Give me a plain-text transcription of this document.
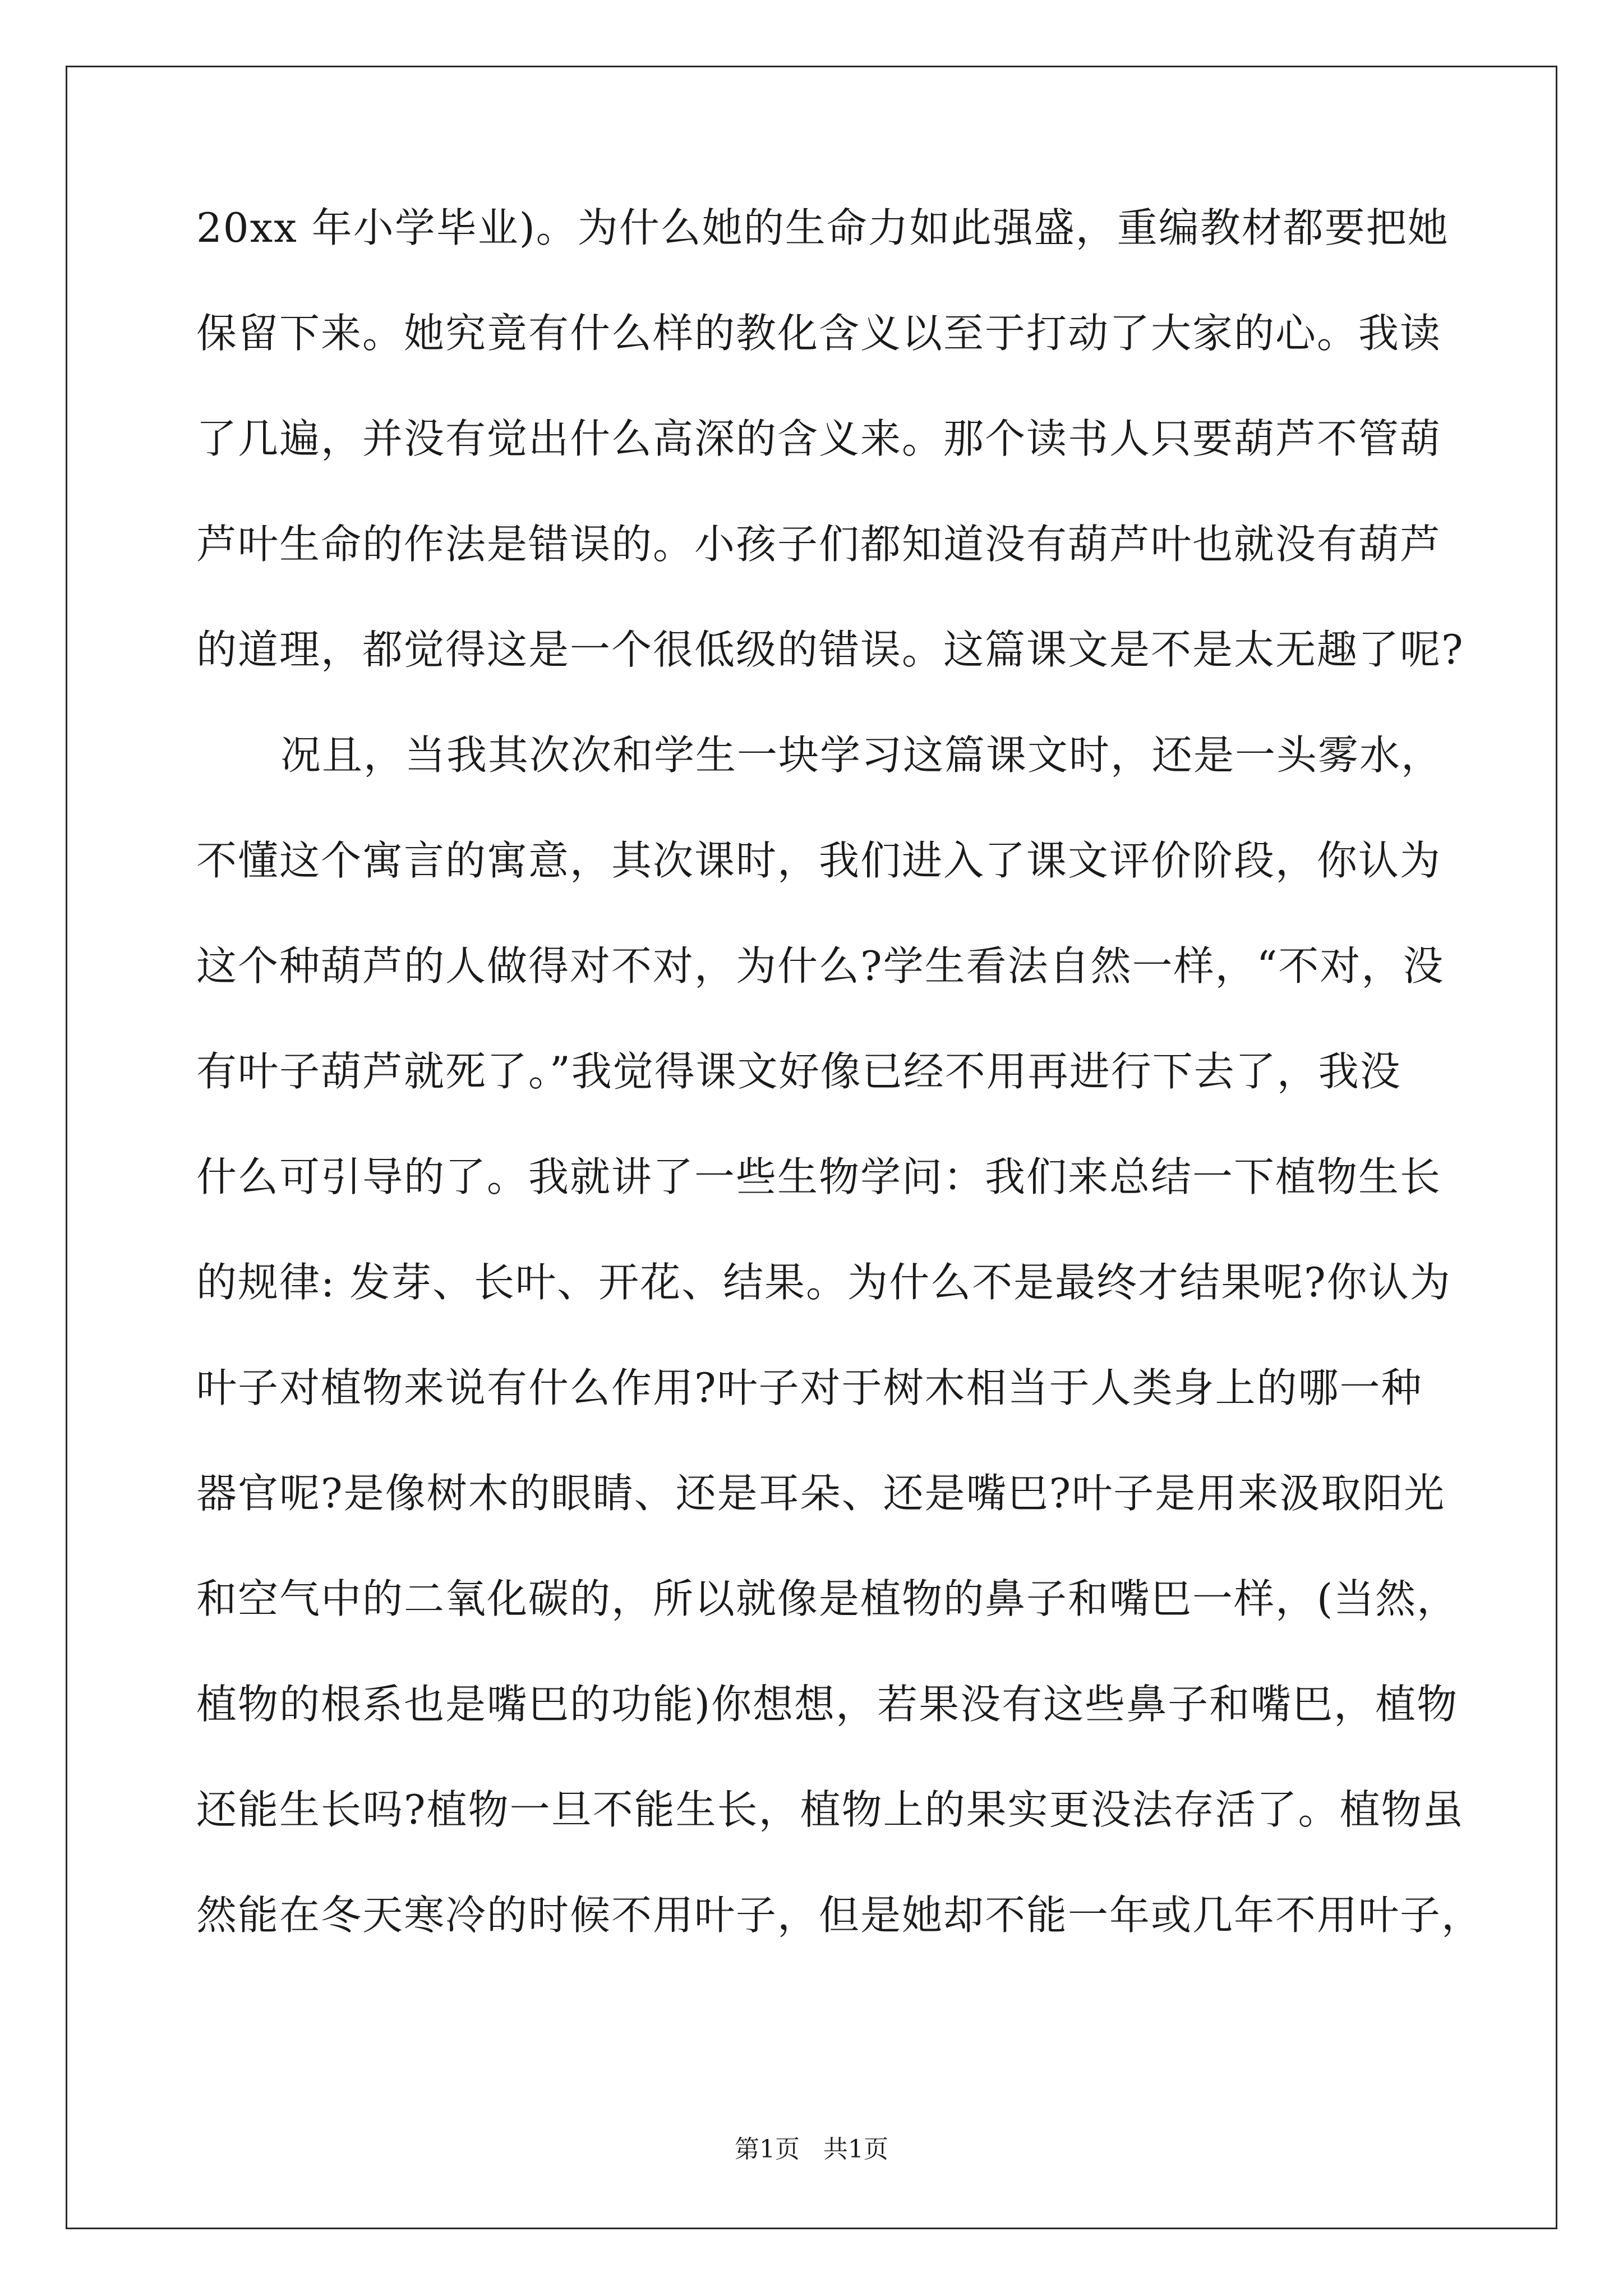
20xx 年小学毕业)。为什么她的生命力如此强盛，重编教材都要把她
保留下来。她究竟有什么样的教化含义以至于打动了大家的心。我读
了几遍，并没有觉出什么高深的含义来。那个读书人只要葫芦不管葫
芦叶生命的作法是错误的。小孩子们都知道没有葫芦叶也就没有葫芦
的道理，都觉得这是一个很低级的错误。这篇课文是不是太无趣了呢?
况且，当我其次次和学生一块学习这篇课文时，还是一头雾水，
不懂这个寓言的寓意，其次课时，我们进入了课文评价阶段，你认为
这个种葫芦的人做得对不对，为什么?学生看法自然一样，“不对，没
有叶子葫芦就死了。”我觉得课文好像已经不用再进行下去了，我没
什么可引导的了。我就讲了一些生物学问：我们来总结一下植物生长
的规律: 发芽、长叶、开花、结果。为什么不是最终才结果呢?你认为
叶子对植物来说有什么作用?叶子对于树木相当于人类身上的哪一种
器官呢?是像树木的眼睛、还是耳朵、还是嘴巴?叶子是用来汲取阳光
和空气中的二氧化碳的，所以就像是植物的鼻子和嘴巴一样，(当然，
植物的根系也是嘴巴的功能)你想想，若果没有这些鼻子和嘴巴，植物
还能生长吗?植物一旦不能生长，植物上的果实更没法存活了。植物虽
然能在冬天寒冷的时候不用叶子，但是她却不能一年或几年不用叶子，
第1页   共1页
